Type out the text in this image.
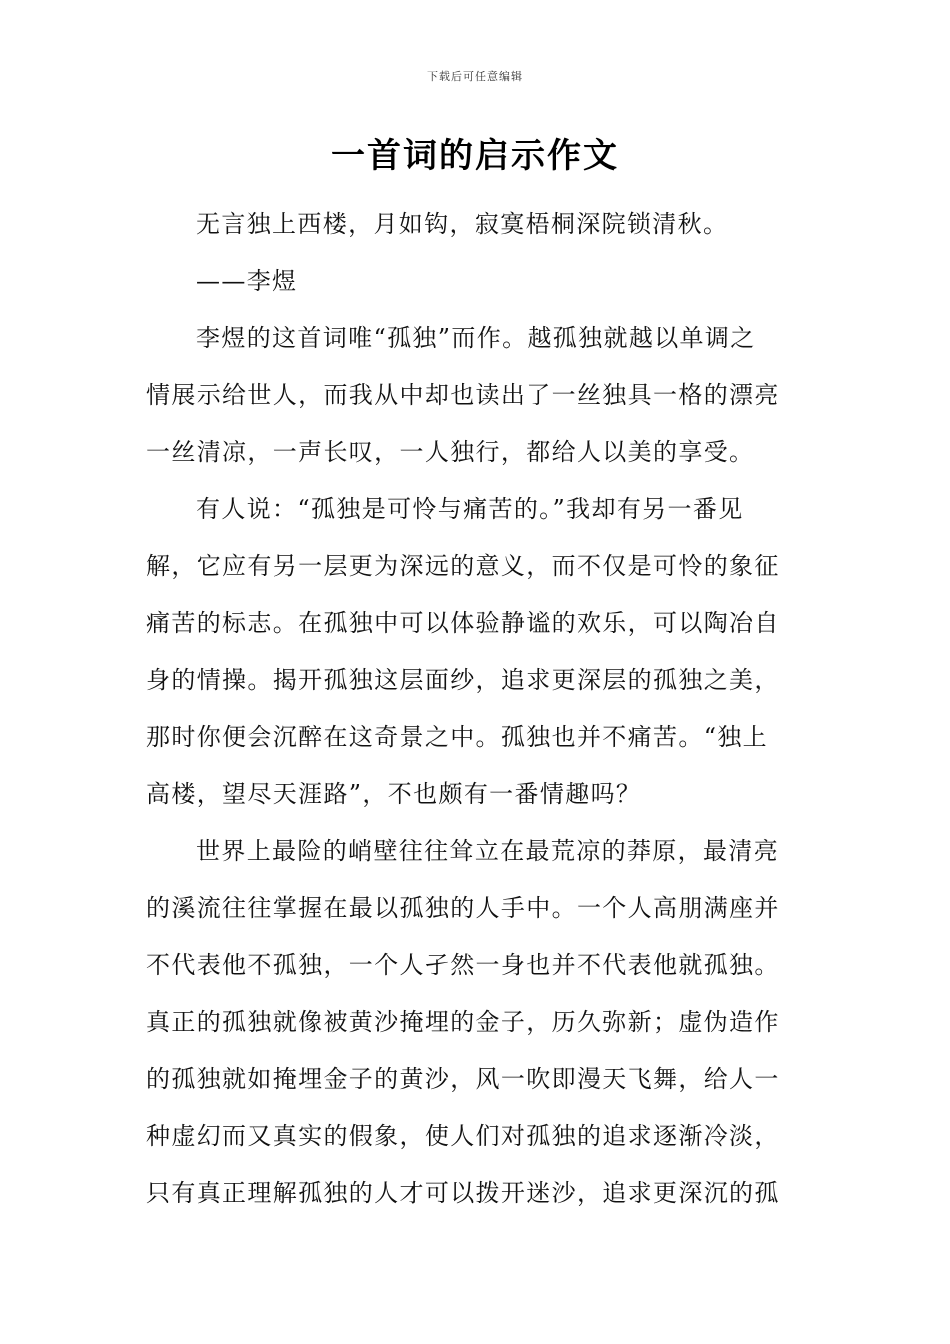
下载后可任意编辑
一首词的启示作文
无言独上西楼，月如钩，寂寞梧桐深院锁清秋。
——李煜
李煜的这首词唯“孤独”而作。越孤独就越以单调之
情展示给世人，而我从中却也读出了一丝独具一格的漂亮
一丝清凉，一声长叹，一人独行，都给人以美的享受。
有人说：“孤独是可怜与痛苦的。”我却有另一番见
解，它应有另一层更为深远的意义，而不仅是可怜的象征
痛苦的标志。在孤独中可以体验静谧的欢乐，可以陶冶自
身的情操。揭开孤独这层面纱，追求更深层的孤独之美，
那时你便会沉醉在这奇景之中。孤独也并不痛苦。“独上
高楼，望尽天涯路”，不也颇有一番情趣吗？
世界上最险的峭壁往往耸立在最荒凉的莽原，最清亮
的溪流往往掌握在最以孤独的人手中。一个人高朋满座并
不代表他不孤独，一个人孑然一身也并不代表他就孤独。
真正的孤独就像被黄沙掩埋的金子，历久弥新；虚伪造作
的孤独就如掩埋金子的黄沙，风一吹即漫天飞舞，给人一
种虚幻而又真实的假象，使人们对孤独的追求逐渐冷淡，
只有真正理解孤独的人才可以拨开迷沙，追求更深沉的孤
